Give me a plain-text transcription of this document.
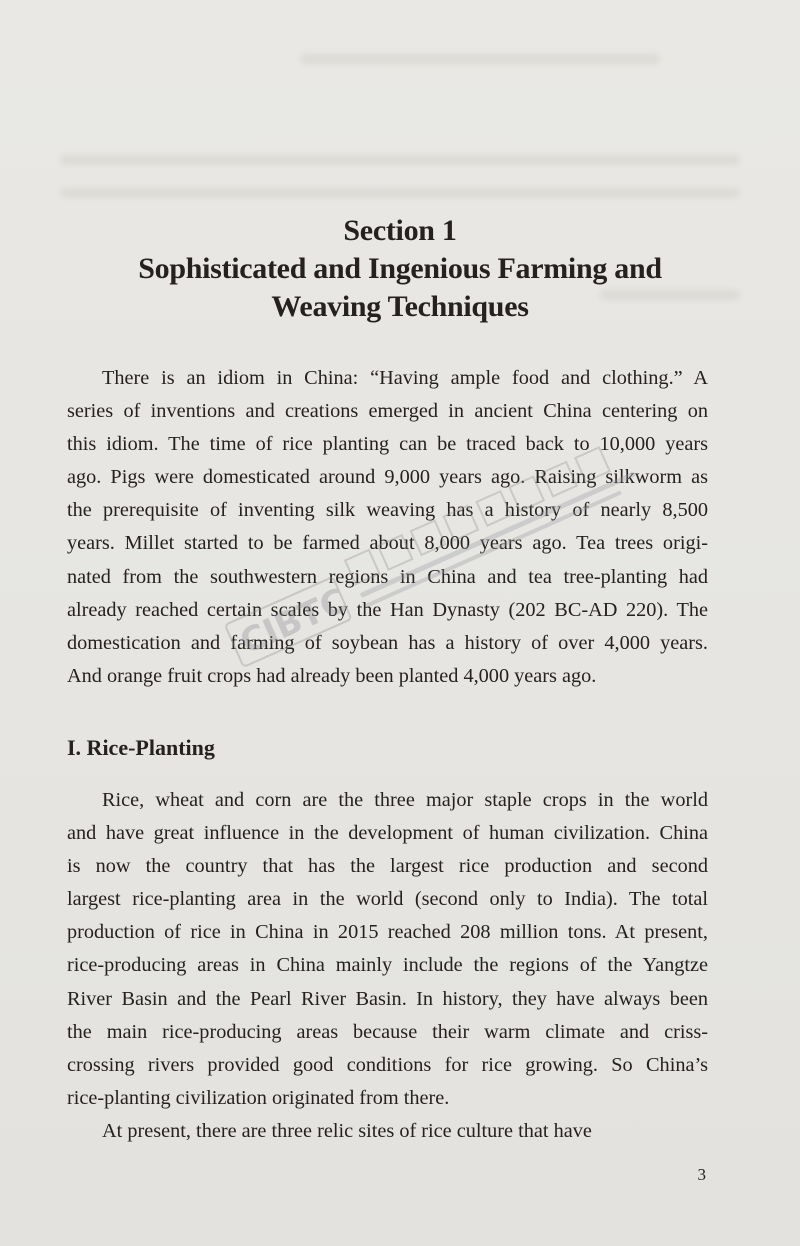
Section 1
Sophisticated and Ingenious Farming and
Weaving Techniques
There is an idiom in China: “Having ample food and clothing.” A
series of inventions and creations emerged in ancient China centering on
this idiom. The time of rice planting can be traced back to 10,000 years
ago. Pigs were domesticated around 9,000 years ago. Raising silkworm as
the prerequisite of inventing silk weaving has a history of nearly 8,500
years. Millet started to be farmed about 8,000 years ago. Tea trees origi-
nated from the southwestern regions in China and tea tree-planting had
already reached certain scales by the Han Dynasty (202 BC-AD 220). The
domestication and farming of soybean has a history of over 4,000 years.
And orange fruit crops had already been planted 4,000 years ago.
I. Rice-Planting
Rice, wheat and corn are the three major staple crops in the world
and have great influence in the development of human civilization. China
is now the country that has the largest rice production and second
largest rice-planting area in the world (second only to India). The total
production of rice in China in 2015 reached 208 million tons. At present,
rice-producing areas in China mainly include the regions of the Yangtze
River Basin and the Pearl River Basin. In history, they have always been
the main rice-producing areas because their warm climate and criss-
crossing rivers provided good conditions for rice growing. So China’s
rice-planting civilization originated from there.
At present, there are three relic sites of rice culture that have
3
CIBTC
